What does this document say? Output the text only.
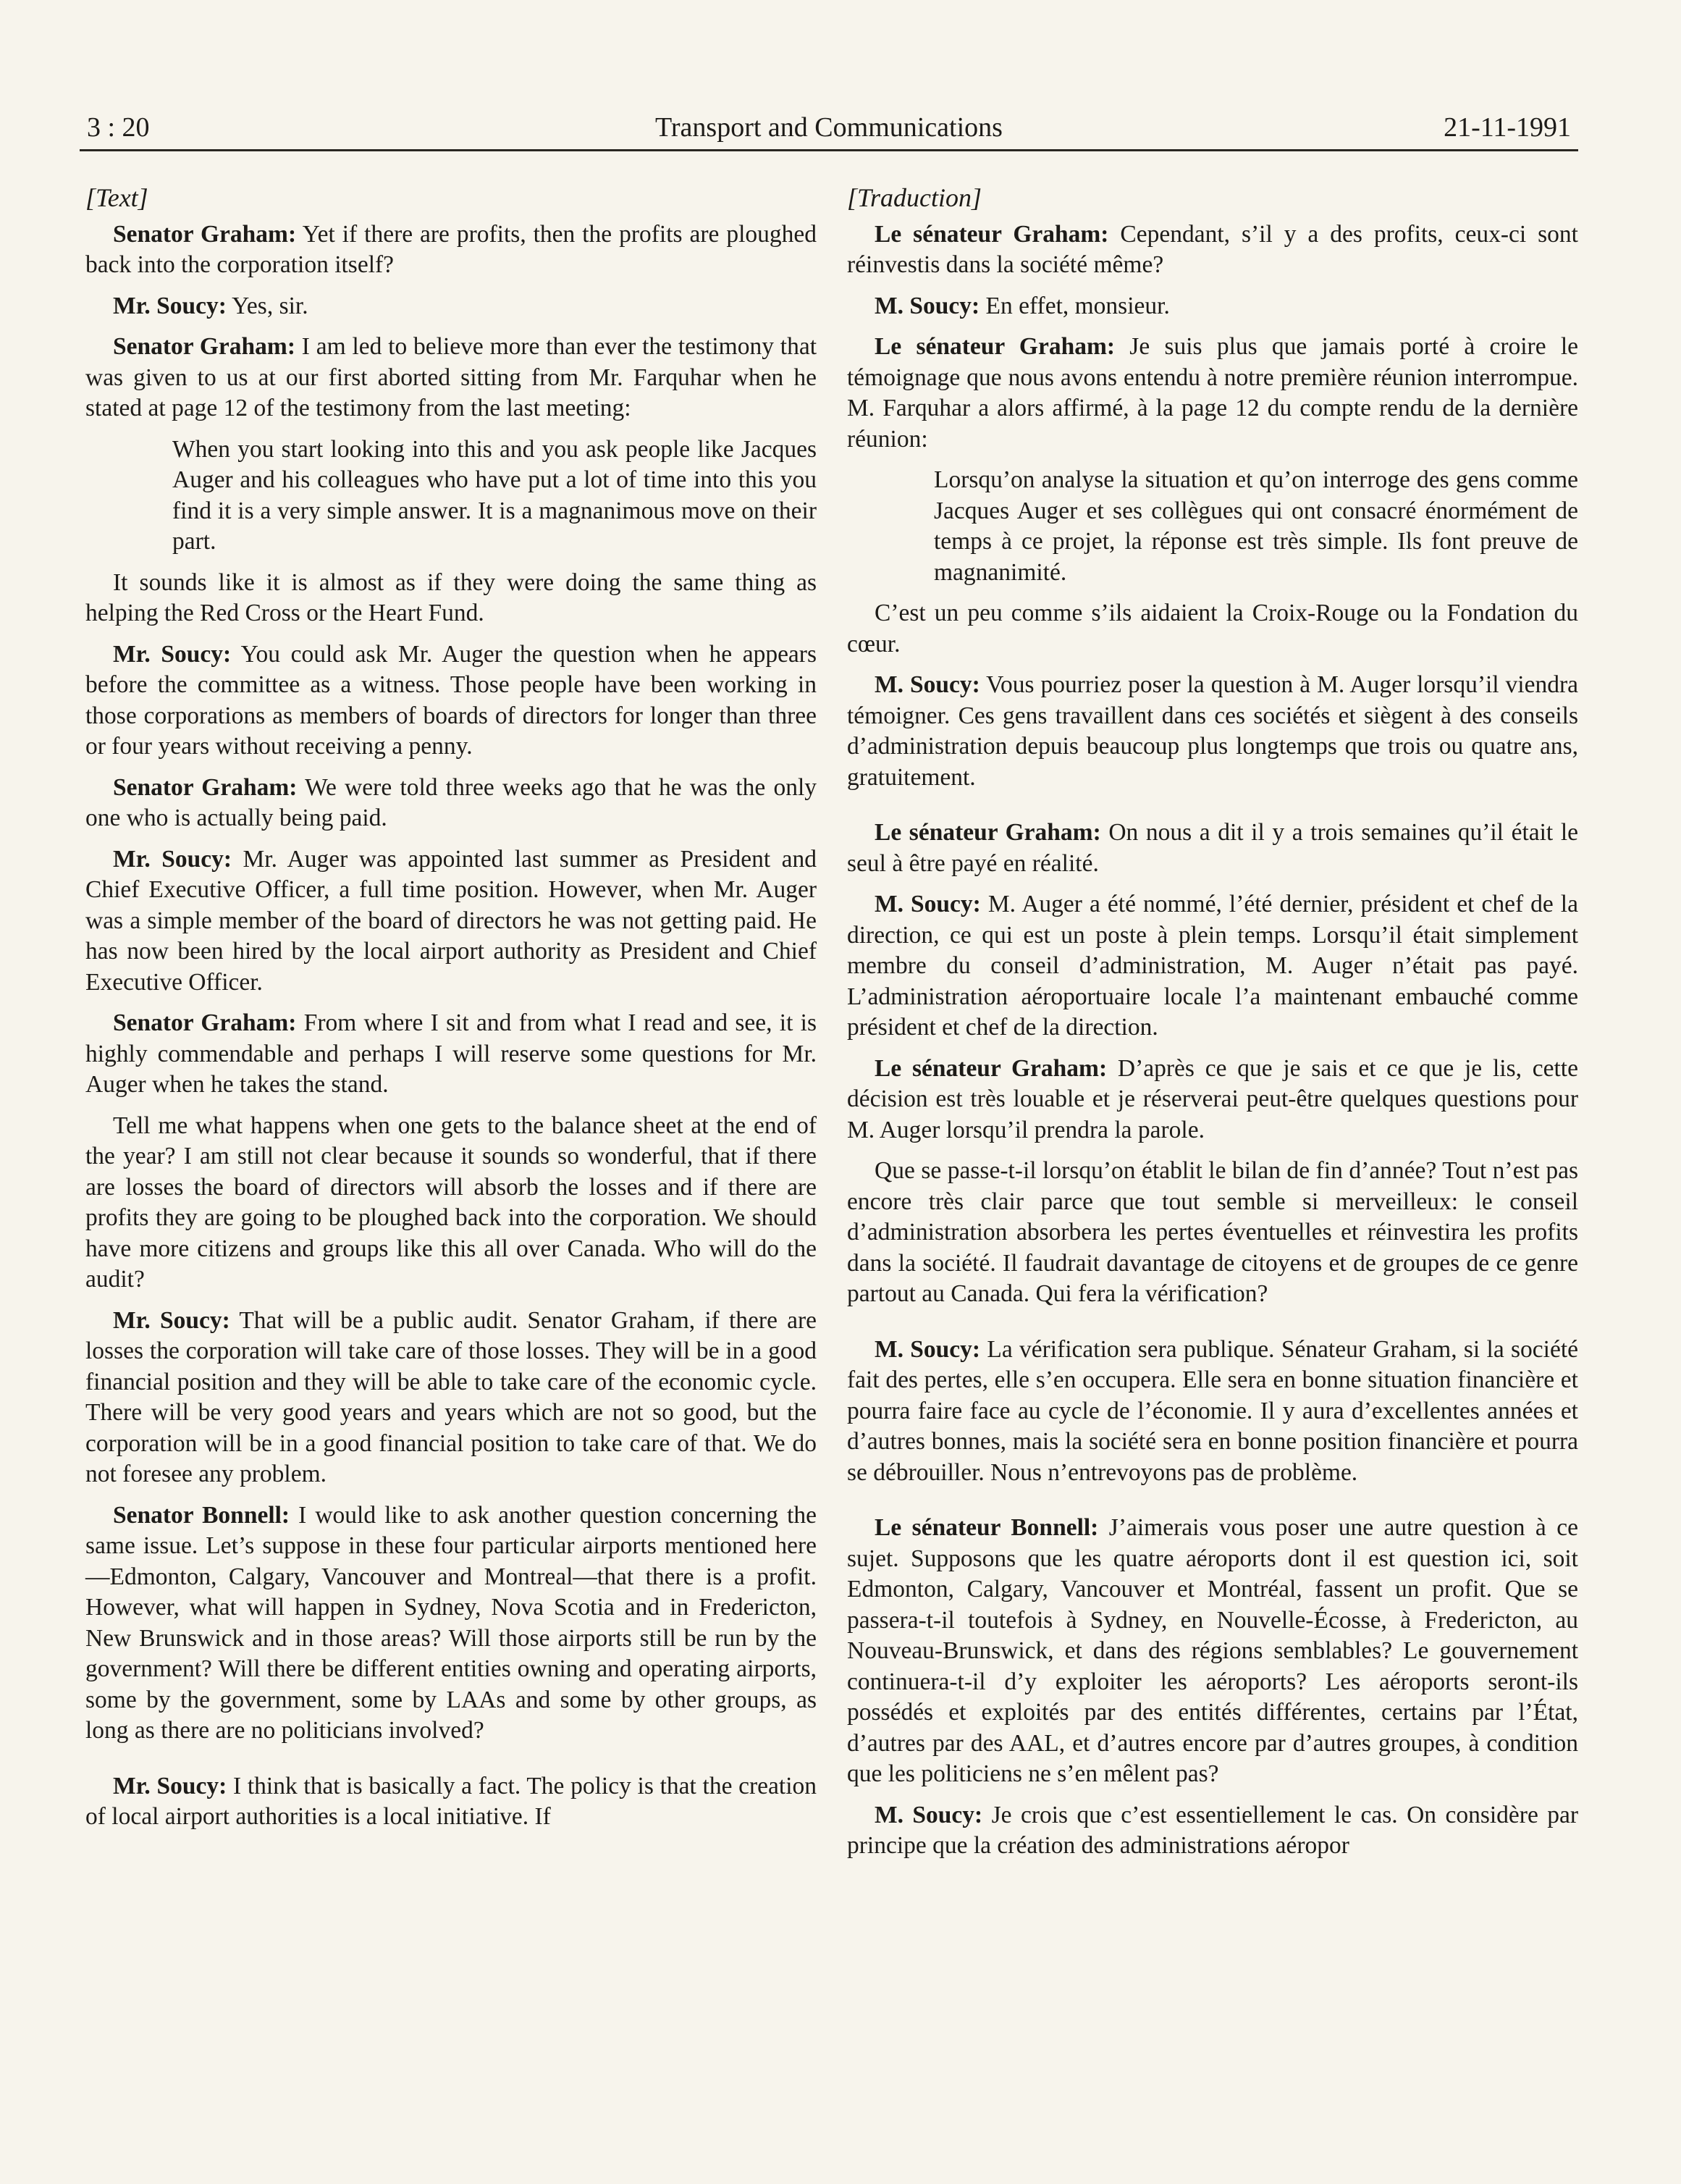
3 : 20	Transport and Communications	21-11-1991
[Text]
Senator Graham: Yet if there are profits, then the profits are ploughed back into the corporation itself?
Mr. Soucy: Yes, sir.
Senator Graham: I am led to believe more than ever the testimony that was given to us at our first aborted sitting from Mr. Farquhar when he stated at page 12 of the testimony from the last meeting:
When you start looking into this and you ask people like Jacques Auger and his colleagues who have put a lot of time into this you find it is a very simple answer. It is a magnanimous move on their part.
It sounds like it is almost as if they were doing the same thing as helping the Red Cross or the Heart Fund.
Mr. Soucy: You could ask Mr. Auger the question when he appears before the committee as a witness. Those people have been working in those corporations as members of boards of directors for longer than three or four years without receiving a penny.
Senator Graham: We were told three weeks ago that he was the only one who is actually being paid.
Mr. Soucy: Mr. Auger was appointed last summer as President and Chief Executive Officer, a full time position. However, when Mr. Auger was a simple member of the board of directors he was not getting paid. He has now been hired by the local airport authority as President and Chief Executive Officer.
Senator Graham: From where I sit and from what I read and see, it is highly commendable and perhaps I will reserve some questions for Mr. Auger when he takes the stand.
Tell me what happens when one gets to the balance sheet at the end of the year? I am still not clear because it sounds so wonderful, that if there are losses the board of directors will absorb the losses and if there are profits they are going to be ploughed back into the corporation. We should have more citizens and groups like this all over Canada. Who will do the audit?
Mr. Soucy: That will be a public audit. Senator Graham, if there are losses the corporation will take care of those losses. They will be in a good financial position and they will be able to take care of the economic cycle. There will be very good years and years which are not so good, but the corporation will be in a good financial position to take care of that. We do not foresee any problem.
Senator Bonnell: I would like to ask another question concerning the same issue. Let’s suppose in these four particular airports mentioned here—Edmonton, Calgary, Vancouver and Montreal—that there is a profit. However, what will happen in Sydney, Nova Scotia and in Fredericton, New Brunswick and in those areas? Will those airports still be run by the government? Will there be different entities owning and operating airports, some by the government, some by LAAs and some by other groups, as long as there are no politicians involved?
Mr. Soucy: I think that is basically a fact. The policy is that the creation of local airport authorities is a local initiative. If
[Traduction]
Le sénateur Graham: Cependant, s’il y a des profits, ceux-ci sont réinvestis dans la société même?
M. Soucy: En effet, monsieur.
Le sénateur Graham: Je suis plus que jamais porté à croire le témoignage que nous avons entendu à notre première réunion interrompue. M. Farquhar a alors affirmé, à la page 12 du compte rendu de la dernière réunion:
Lorsqu’on analyse la situation et qu’on interroge des gens comme Jacques Auger et ses collègues qui ont consacré énormément de temps à ce projet, la réponse est très simple. Ils font preuve de magnanimité.
C’est un peu comme s’ils aidaient la Croix-Rouge ou la Fondation du cœur.
M. Soucy: Vous pourriez poser la question à M. Auger lorsqu’il viendra témoigner. Ces gens travaillent dans ces sociétés et siègent à des conseils d’administration depuis beaucoup plus longtemps que trois ou quatre ans, gratuitement.
Le sénateur Graham: On nous a dit il y a trois semaines qu’il était le seul à être payé en réalité.
M. Soucy: M. Auger a été nommé, l’été dernier, président et chef de la direction, ce qui est un poste à plein temps. Lorsqu’il était simplement membre du conseil d’administration, M. Auger n’était pas payé. L’administration aéroportuaire locale l’a maintenant embauché comme président et chef de la direction.
Le sénateur Graham: D’après ce que je sais et ce que je lis, cette décision est très louable et je réserverai peut-être quelques questions pour M. Auger lorsqu’il prendra la parole.
Que se passe-t-il lorsqu’on établit le bilan de fin d’année? Tout n’est pas encore très clair parce que tout semble si merveilleux: le conseil d’administration absorbera les pertes éventuelles et réinvestira les profits dans la société. Il faudrait davantage de citoyens et de groupes de ce genre partout au Canada. Qui fera la vérification?
M. Soucy: La vérification sera publique. Sénateur Graham, si la société fait des pertes, elle s’en occupera. Elle sera en bonne situation financière et pourra faire face au cycle de l’économie. Il y aura d’excellentes années et d’autres bonnes, mais la société sera en bonne position financière et pourra se débrouiller. Nous n’entrevoyons pas de problème.
Le sénateur Bonnell: J’aimerais vous poser une autre question à ce sujet. Supposons que les quatre aéroports dont il est question ici, soit Edmonton, Calgary, Vancouver et Montréal, fassent un profit. Que se passera-t-il toutefois à Sydney, en Nouvelle-Écosse, à Fredericton, au Nouveau-Brunswick, et dans des régions semblables? Le gouvernement continuera-t-il d’y exploiter les aéroports? Les aéroports seront-ils possédés et exploités par des entités différentes, certains par l’État, d’autres par des AAL, et d’autres encore par d’autres groupes, à condition que les politiciens ne s’en mêlent pas?
M. Soucy: Je crois que c’est essentiellement le cas. On considère par principe que la création des administrations aéropor
